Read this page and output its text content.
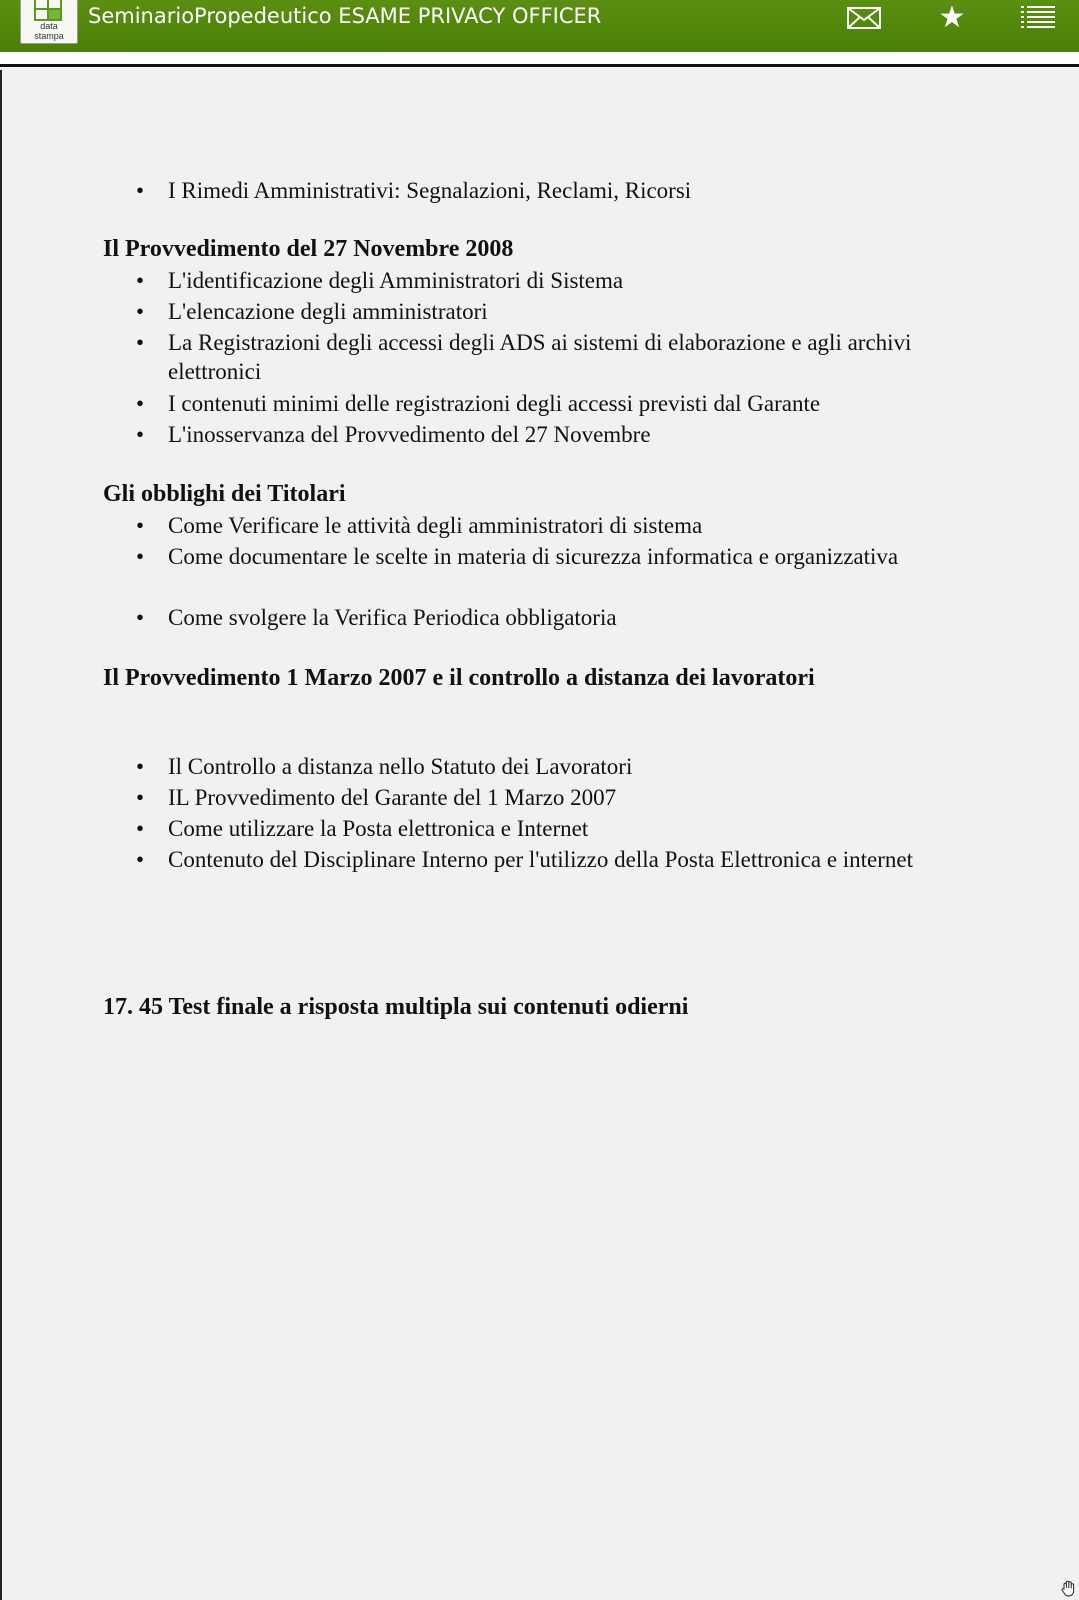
data
stampa
SeminarioPropedeutico ESAME PRIVACY OFFICER	★
• I Rimedi Amministrativi: Segnalazioni, Reclami, Ricorsi
Il Provvedimento del 27 Novembre 2008
• L'identificazione degli Amministratori di Sistema
• L'elencazione degli amministratori
• La Registrazioni degli accessi degli ADS ai sistemi di elaborazione e agli archivi elettronici
• I contenuti minimi delle registrazioni degli accessi previsti dal Garante
• L'inosservanza del Provvedimento del 27 Novembre
Gli obblighi dei Titolari
• Come Verificare le attività degli amministratori di sistema
• Come documentare le scelte in materia di sicurezza informatica e organizzativa
• Come svolgere la Verifica Periodica obbligatoria
Il Provvedimento 1 Marzo 2007 e il controllo a distanza dei lavoratori
• Il Controllo a distanza nello Statuto dei Lavoratori
• IL Provvedimento del Garante del 1 Marzo 2007
• Come utilizzare la Posta elettronica e Internet
• Contenuto del Disciplinare Interno per l'utilizzo della Posta Elettronica e internet
17. 45 Test finale a risposta multipla sui contenuti odierni
